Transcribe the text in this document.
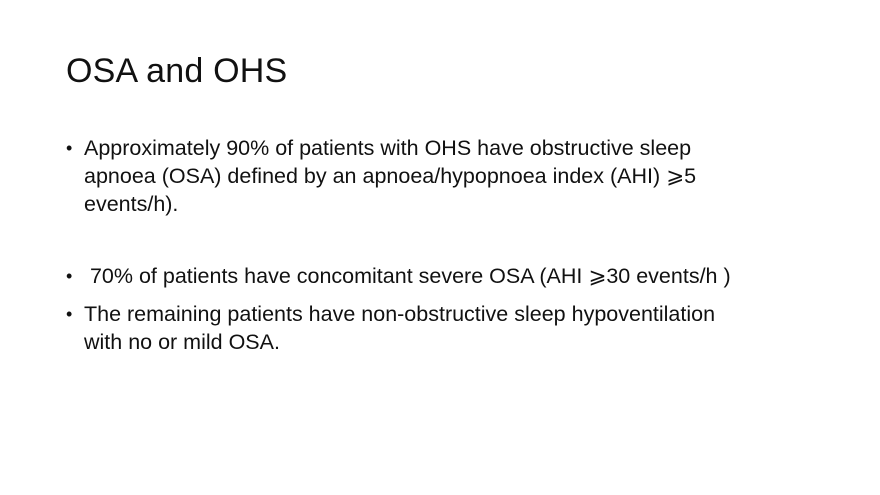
OSA and OHS
• Approximately 90% of patients with OHS have obstructive sleep
apnoea (OSA) defined by an apnoea/hypopnoea index (AHI) ⩾5
events/h).
• 70% of patients have concomitant severe OSA (AHI ⩾30 events/h )
• The remaining patients have non-obstructive sleep hypoventilation
with no or mild OSA.
